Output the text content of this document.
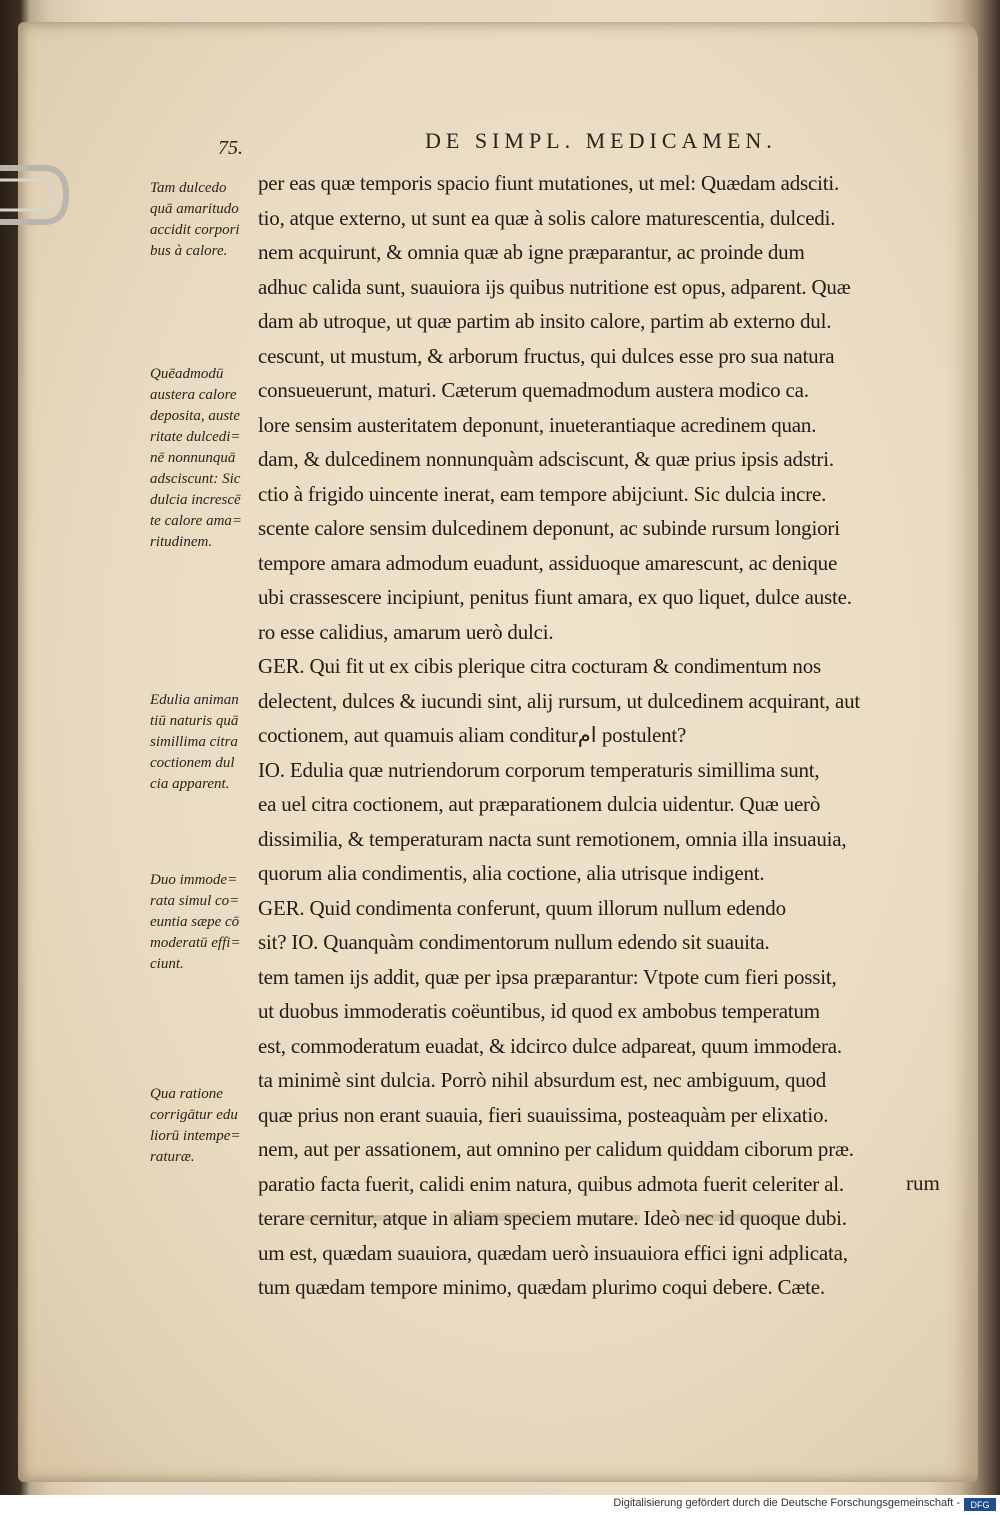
75.	DE SIMPL. MEDICAMEN.
Tam dulcedo
quā amaritudo
accidit corpori
bus à calore.
Quēadmodū
austera calore
deposita, auste
ritate dulcedi=
nē nonnunquā
adsciscunt: Sic
dulcia increscē
te calore ama=
ritudinem.
Edulia animan
tiū naturis quā
simillima citra
coctionem dul
cia apparent.
Duo immode=
rata simul co=
euntia sæpe cō
moderatū effi=
ciunt.
Qua ratione
corrigātur edu
liorū intempe=
raturæ.
per eas quæ temporis spacio fiunt mutationes, ut mel: Quædam adsciti.
tio, atque externo, ut sunt ea quæ à solis calore maturescentia, dulcedi.
nem acquirunt, & omnia quæ ab igne præparantur, ac proinde dum
adhuc calida sunt, suauiora ijs quibus nutritione est opus, adparent. Quæ
dam ab utroque, ut quæ partim ab insito calore, partim ab externo dul.
cescunt, ut mustum, & arborum fructus, qui dulces esse pro sua natura
consueuerunt, maturi. Cæterum quemadmodum austera modico ca.
lore sensim austeritatem deponunt, inueterantiaque acredinem quan.
dam, & dulcedinem nonnunquàm adsciscunt, & quæ prius ipsis adstri.
ctio à frigido uincente inerat, eam tempore abijciunt. Sic dulcia incre.
scente calore sensim dulcedinem deponunt, ac subinde rursum longiori
tempore amara admodum euadunt, assiduoque amarescunt, ac denique
ubi crassescere incipiunt, penitus fiunt amara, ex quo liquet, dulce auste.
ro esse calidius, amarum uerò dulci.
GER. Qui fit ut ex cibis plerique citra cocturam & condimentum nos
delectent, dulces & iucundi sint, alij rursum, ut dulcedinem acquirant, aut
coctionem, aut quamuis aliam conditurام postulent?
IO. Edulia quæ nutriendorum corporum temperaturis simillima sunt,
ea uel citra coctionem, aut præparationem dulcia uidentur. Quæ uerò
dissimilia, & temperaturam nacta sunt remotionem, omnia illa insuauia,
quorum alia condimentis, alia coctione, alia utrisque indigent.
GER. Quid condimenta conferunt, quum illorum nullum edendo
sit? IO. Quanquàm condimentorum nullum edendo sit suauita.
tem tamen ijs addit, quæ per ipsa præparantur: Vtpote cum fieri possit,
ut duobus immoderatis coëuntibus, id quod ex ambobus temperatum
est, commoderatum euadat, & idcirco dulce adpareat, quum immodera.
ta minimè sint dulcia. Porrò nihil absurdum est, nec ambiguum, quod
quæ prius non erant suauia, fieri suauissima, posteaquàm per elixatio.
nem, aut per assationem, aut omnino per calidum quiddam ciborum præ.
paratio facta fuerit, calidi enim natura, quibus admota fuerit celeriter al.
terare cernitur, atque in aliam speciem mutare. Ideò nec id quoque dubi.
um est, quædam suauiora, quædam uerò insuauiora effici igni adplicata,
tum quædam tempore minimo, quædam plurimo coqui debere. Cæte.
rum
Digitalisierung gefördert durch die Deutsche Forschungsgemeinschaft - DFG
